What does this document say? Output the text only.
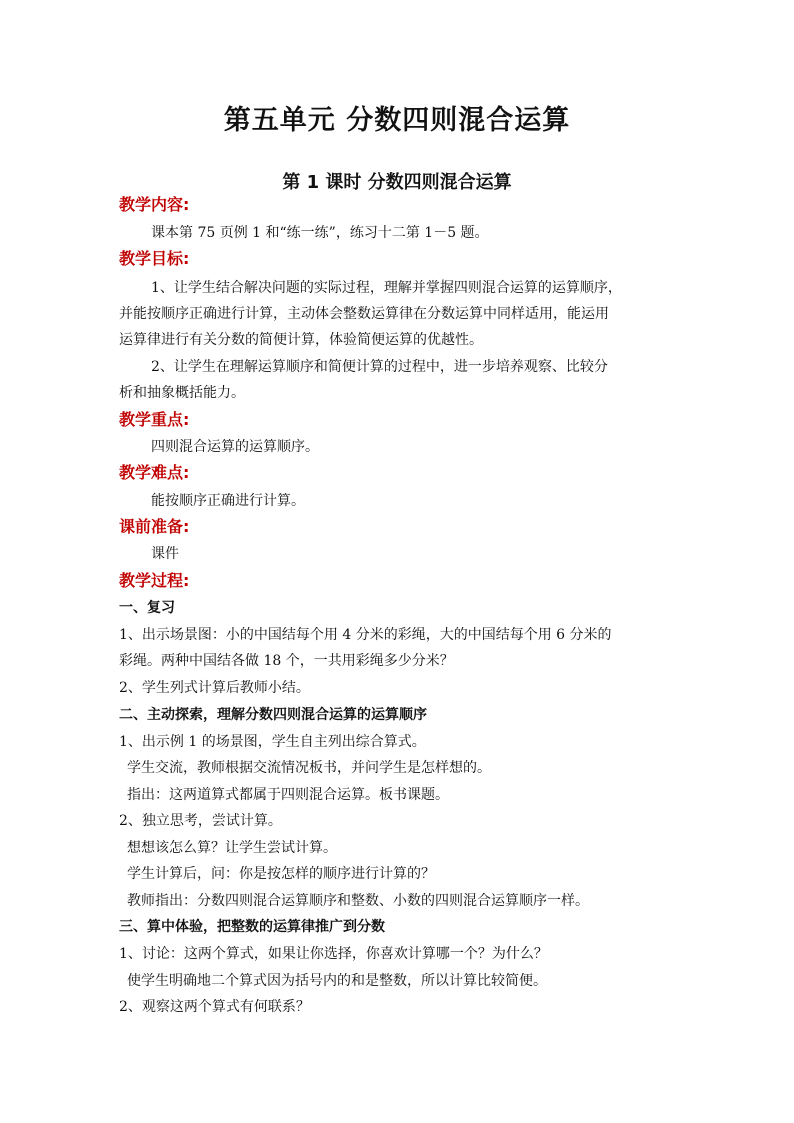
第五单元 分数四则混合运算
第 1 课时 分数四则混合运算
教学内容:
课本第 75 页例 1 和“练一练”，练习十二第 1－5 题。
教学目标:
1、让学生结合解决问题的实际过程，理解并掌握四则混合运算的运算顺序，
并能按顺序正确进行计算，主动体会整数运算律在分数运算中同样适用，能运用
运算律进行有关分数的简便计算，体验简便运算的优越性。
2、让学生在理解运算顺序和简便计算的过程中，进一步培养观察、比较分
析和抽象概括能力。
教学重点:
四则混合运算的运算顺序。
教学难点:
能按顺序正确进行计算。
课前准备:
课件
教学过程:
一、复习
1、出示场景图：小的中国结每个用 4 分米的彩绳，大的中国结每个用 6 分米的
彩绳。两种中国结各做 18 个，一共用彩绳多少分米？
2、学生列式计算后教师小结。
二、主动探索，理解分数四则混合运算的运算顺序
1、出示例 1 的场景图，学生自主列出综合算式。
学生交流，教师根据交流情况板书，并问学生是怎样想的。
指出：这两道算式都属于四则混合运算。板书课题。
2、独立思考，尝试计算。
想想该怎么算？让学生尝试计算。
学生计算后，问：你是按怎样的顺序进行计算的？
教师指出：分数四则混合运算顺序和整数、小数的四则混合运算顺序一样。
三、算中体验，把整数的运算律推广到分数
1、讨论：这两个算式，如果让你选择，你喜欢计算哪一个？为什么？
使学生明确地二个算式因为括号内的和是整数，所以计算比较简便。
2、观察这两个算式有何联系？
